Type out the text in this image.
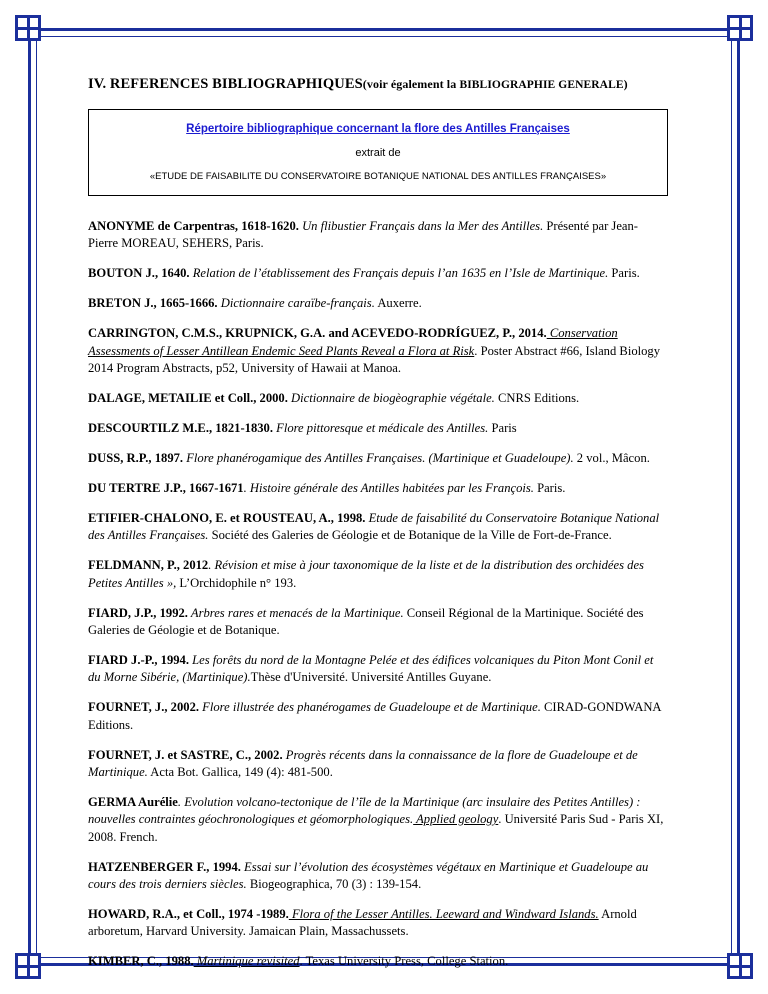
IV. REFERENCES BIBLIOGRAPHIQUES(voir également la BIBLIOGRAPHIE GENERALE)
Répertoire bibliographique concernant la flore des Antilles Françaises
extrait de
«ETUDE DE FAISABILITE DU CONSERVATOIRE BOTANIQUE NATIONAL DES ANTILLES FRANÇAISES»

ANONYME de Carpentras, 1618-1620. Un flibustier Français dans la Mer des Antilles. Présenté par Jean-Pierre MOREAU, SEHERS, Paris.

BOUTON J., 1640. Relation de l’établissement des Français depuis l’an 1635 en l’Isle de Martinique. Paris.

BRETON J., 1665-1666. Dictionnaire caraïbe-français. Auxerre.

CARRINGTON, C.M.S., KRUPNICK, G.A. and ACEVEDO-RODRÍGUEZ, P., 2014. Conservation Assessments of Lesser Antillean Endemic Seed Plants Reveal a Flora at Risk. Poster Abstract #66, Island Biology 2014 Program Abstracts, p52, University of Hawaii at Manoa.

DALAGE, METAILIE et Coll., 2000. Dictionnaire de biogèographie végétale. CNRS Editions.

DESCOURTILZ M.E., 1821-1830. Flore pittoresque et médicale des Antilles. Paris

DUSS, R.P., 1897. Flore phanérogamique des Antilles Françaises. (Martinique et Guadeloupe). 2 vol., Mâcon.

DU TERTRE J.P., 1667-1671. Histoire générale des Antilles habitées par les François. Paris.

ETIFIER-CHALONO, E. et ROUSTEAU, A., 1998. Etude de faisabilité du Conservatoire Botanique National des Antilles Françaises. Société des Galeries de Géologie et de Botanique de la Ville de Fort-de-France.

FELDMANN, P., 2012. Révision et mise à jour taxonomique de la liste et de la distribution des orchidées des Petites Antilles », L’Orchidophile n° 193.

FIARD, J.P., 1992. Arbres rares et menacés de la Martinique. Conseil Régional de la Martinique. Société des Galeries de Géologie et de Botanique.

FIARD J.-P., 1994. Les forêts du nord de la Montagne Pelée et des édifices volcaniques du Piton Mont Conil et du Morne Sibérie, (Martinique).Thèse d'Université. Université Antilles Guyane.

FOURNET, J., 2002. Flore illustrée des phanérogames de Guadeloupe et de Martinique. CIRAD-GONDWANA Editions.

FOURNET, J. et SASTRE, C., 2002. Progrès récents dans la connaissance de la flore de Guadeloupe et de Martinique. Acta Bot. Gallica, 149 (4): 481-500.

GERMA Aurélie. Evolution volcano-tectonique de l’̈ile de la Martinique (arc insulaire des Petites Antilles) : nouvelles contraintes géochronologiques et géomorphologiques. Applied geology. Université Paris Sud - Paris XI, 2008. French.

HATZENBERGER F., 1994. Essai sur l’évolution des écosystèmes végétaux en Martinique et Guadeloupe au cours des trois derniers siècles. Biogeographica, 70 (3) : 139-154.

HOWARD, R.A., et Coll., 1974 -1989. Flora of the Lesser Antilles. Leeward and Windward Islands. Arnold arboretum, Harvard University. Jamaican Plain, Massachussets.

KIMBER, C., 1988. Martinique revisited. Texas University Press, College Station.
